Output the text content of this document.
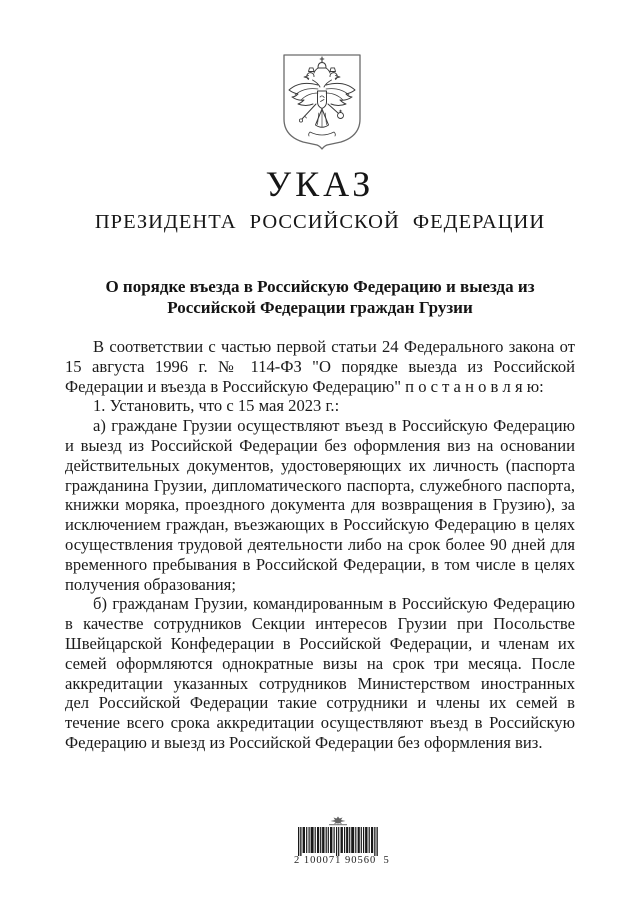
УКАЗ
ПРЕЗИДЕНТА РОССИЙСКОЙ ФЕДЕРАЦИИ
О порядке въезда в Российскую Федерацию и выезда из Российской Федерации граждан Грузии

В соответствии с частью первой статьи 24 Федерального закона от 15 августа 1996 г. № 114-ФЗ "О порядке выезда из Российской Федерации и въезда в Российскую Федерацию" п о с т а н о в л я ю:

1. Установить, что с 15 мая 2023 г.:

а) граждане Грузии осуществляют въезд в Российскую Федерацию и выезд из Российской Федерации без оформления виз на основании действительных документов, удостоверяющих их личность (паспорта гражданина Грузии, дипломатического паспорта, служебного паспорта, книжки моряка, проездного документа для возвращения в Грузию), за исключением граждан, въезжающих в Российскую Федерацию в целях осуществления трудовой деятельности либо на срок более 90 дней для временного пребывания в Российской Федерации, в том числе в целях получения образования;

б) гражданам Грузии, командированным в Российскую Федерацию в качестве сотрудников Секции интересов Грузии при Посольстве Швейцарской Конфедерации в Российской Федерации, и членам их семей оформляются однократные визы на срок три месяца. После аккредитации указанных сотрудников Министерством иностранных дел Российской Федерации такие сотрудники и члены их семей в течение всего срока аккредитации осуществляют въезд в Российскую Федерацию и выезд из Российской Федерации без оформления виз.

2 100071 90560  5
